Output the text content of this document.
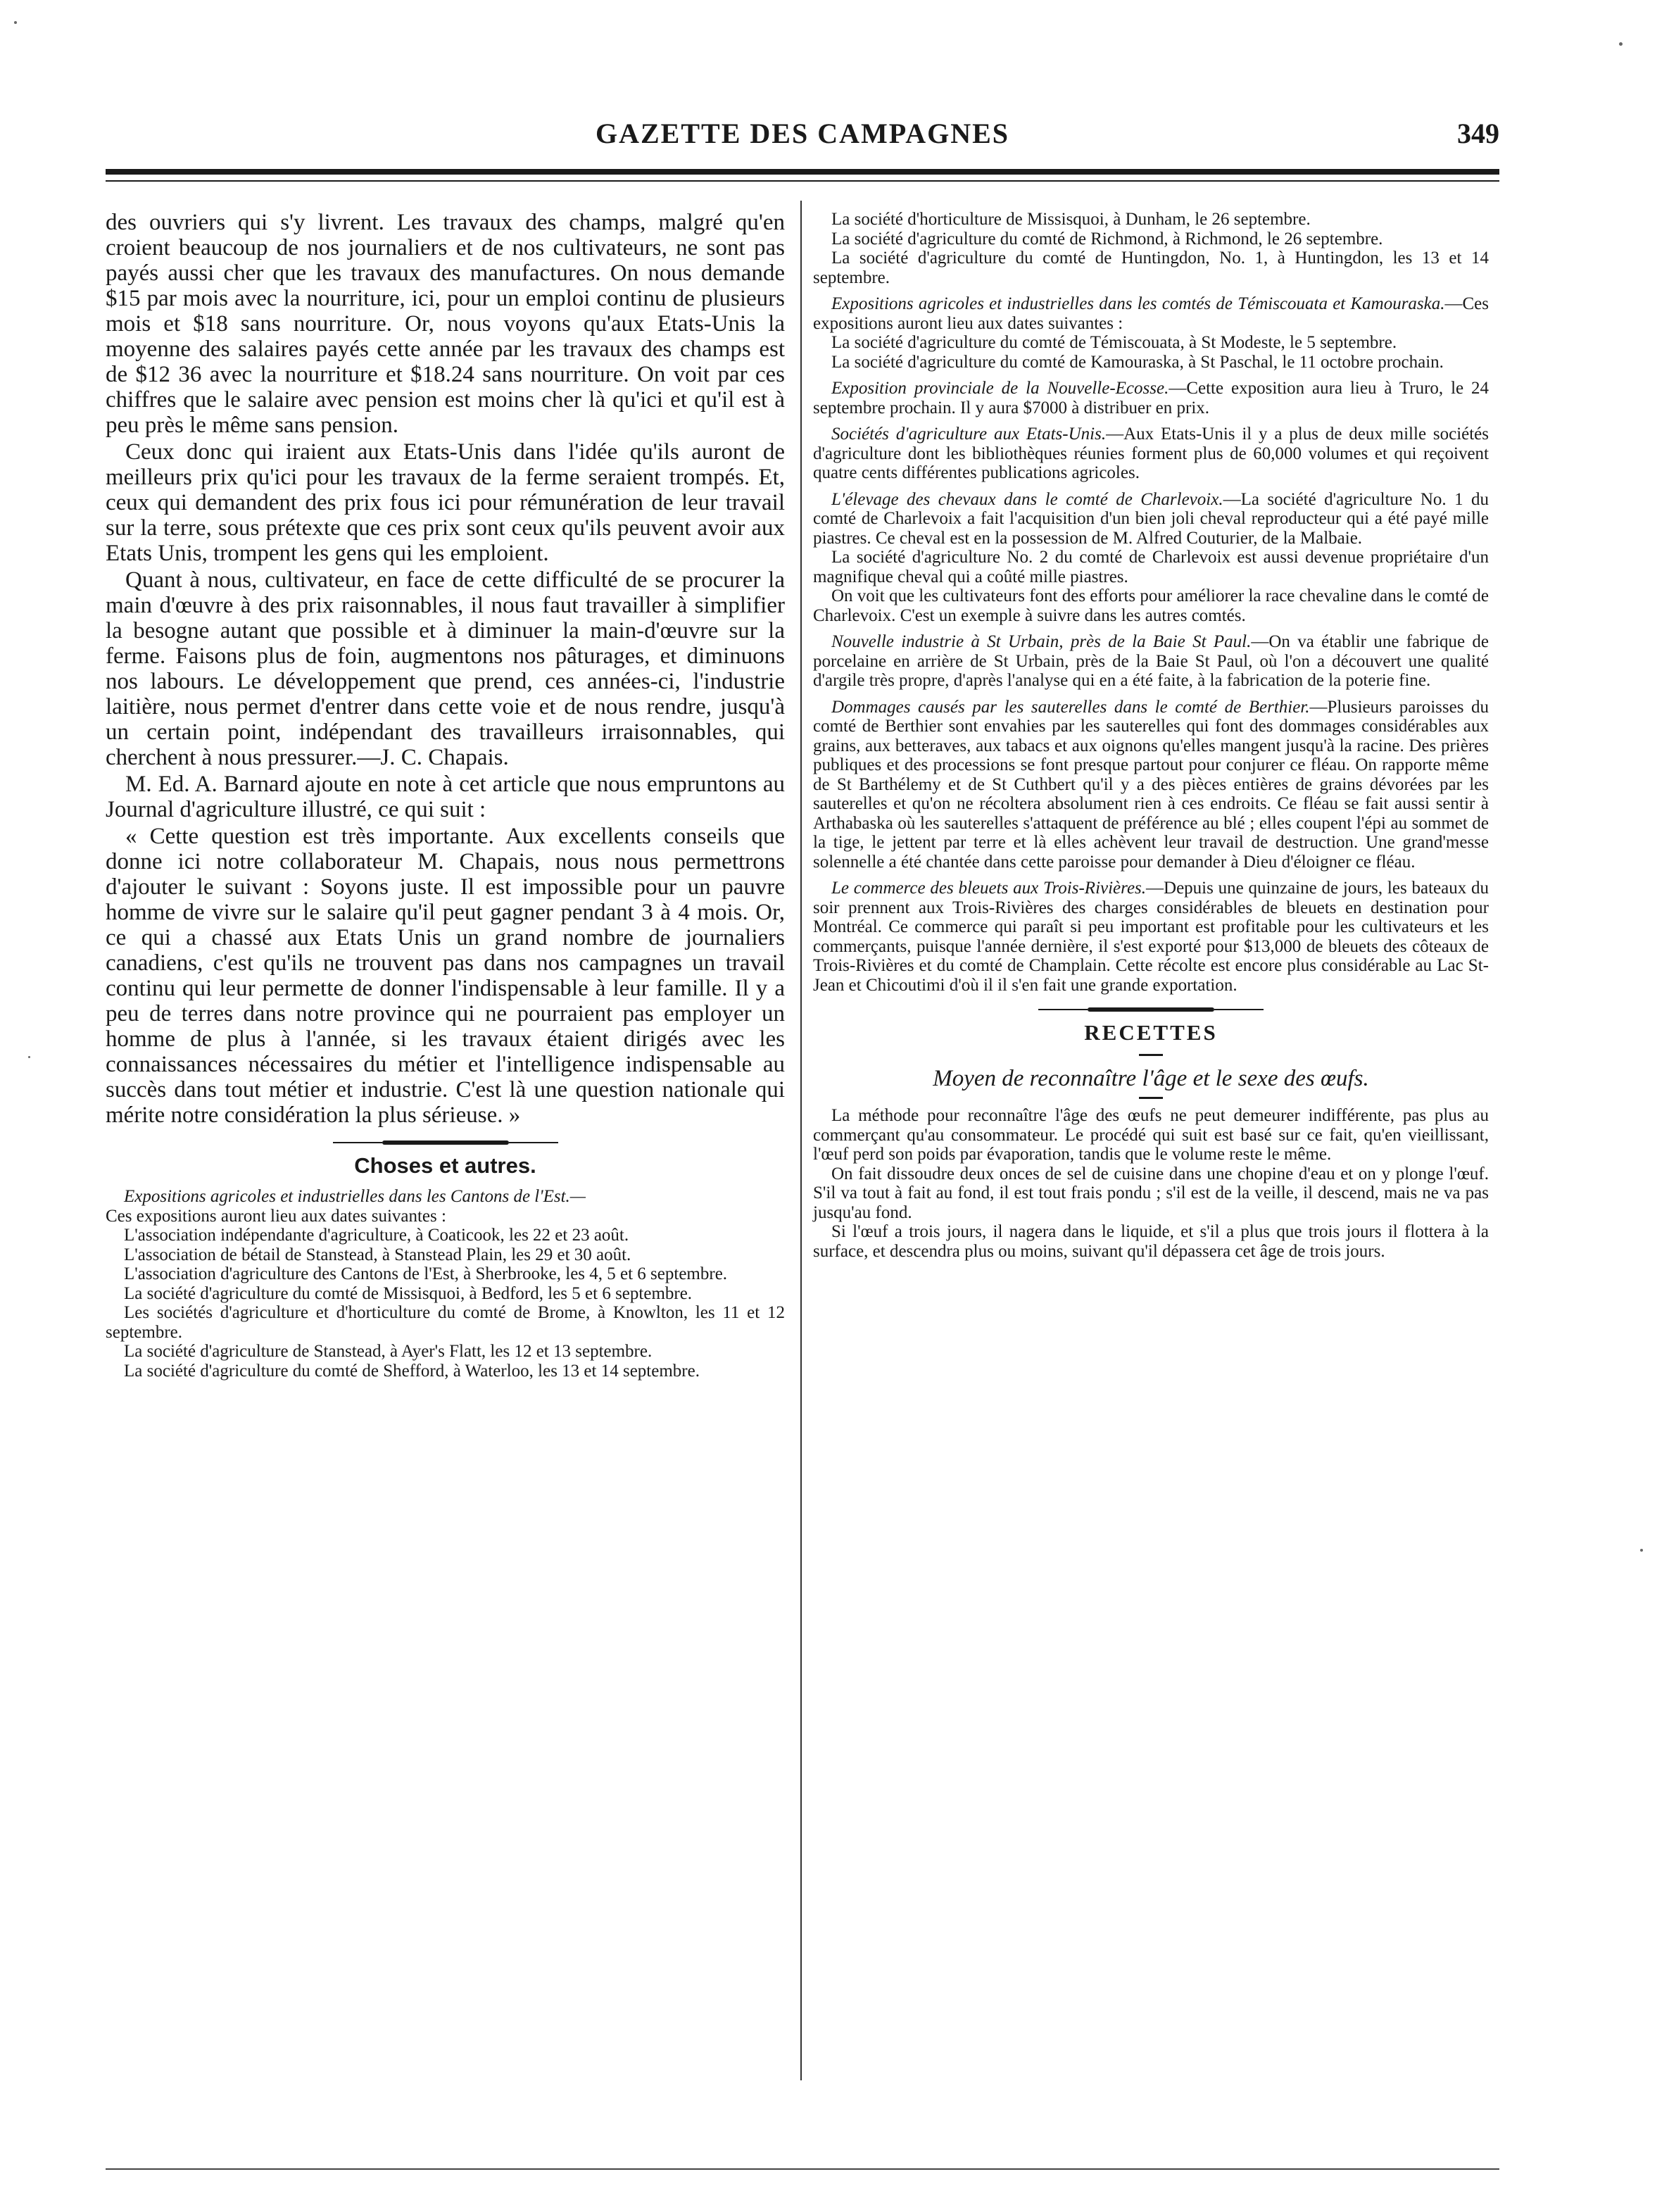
GAZETTE DES CAMPAGNES	349

des ouvriers qui s'y livrent. Les travaux des champs, malgré qu'en croient beaucoup de nos journaliers et de nos cultivateurs, ne sont pas payés aussi cher que les travaux des manufactures. On nous demande $15 par mois avec la nourriture, ici, pour un emploi continu de plusieurs mois et $18 sans nourriture. Or, nous voyons qu'aux Etats-Unis la moyenne des salaires payés cette année par les travaux des champs est de $12 36 avec la nourriture et $18.24 sans nourriture. On voit par ces chiffres que le salaire avec pension est moins cher là qu'ici et qu'il est à peu près le même sans pension.

Ceux donc qui iraient aux Etats-Unis dans l'idée qu'ils auront de meilleurs prix qu'ici pour les travaux de la ferme seraient trompés. Et, ceux qui demandent des prix fous ici pour rémunération de leur travail sur la terre, sous prétexte que ces prix sont ceux qu'ils peuvent avoir aux Etats Unis, trompent les gens qui les emploient.

Quant à nous, cultivateur, en face de cette difficulté de se procurer la main d'œuvre à des prix raisonnables, il nous faut travailler à simplifier la besogne autant que possible et à diminuer la main-d'œuvre sur la ferme. Faisons plus de foin, augmentons nos pâturages, et diminuons nos labours. Le développement que prend, ces années-ci, l'industrie laitière, nous permet d'entrer dans cette voie et de nous rendre, jusqu'à un certain point, indépendant des travailleurs irraisonnables, qui cherchent à nous pressurer.—J. C. Chapais.

M. Ed. A. Barnard ajoute en note à cet article que nous empruntons au Journal d'agriculture illustré, ce qui suit :

« Cette question est très importante. Aux excellents conseils que donne ici notre collaborateur M. Chapais, nous nous permettrons d'ajouter le suivant : Soyons juste. Il est impossible pour un pauvre homme de vivre sur le salaire qu'il peut gagner pendant 3 à 4 mois. Or, ce qui a chassé aux Etats Unis un grand nombre de journaliers canadiens, c'est qu'ils ne trouvent pas dans nos campagnes un travail continu qui leur permette de donner l'indispensable à leur famille. Il y a peu de terres dans notre province qui ne pourraient pas employer un homme de plus à l'année, si les travaux étaient dirigés avec les connaissances nécessaires du métier et l'intelligence indispensable au succès dans tout métier et industrie. C'est là une question nationale qui mérite notre considération la plus sérieuse. »

Choses et autres.

Expositions agricoles et industrielles dans les Cantons de l'Est.—

Ces expositions auront lieu aux dates suivantes :

L'association indépendante d'agriculture, à Coaticook, les 22 et 23 août.

L'association de bétail de Stanstead, à Stanstead Plain, les 29 et 30 août.

L'association d'agriculture des Cantons de l'Est, à Sherbrooke, les 4, 5 et 6 septembre.

La société d'agriculture du comté de Missisquoi, à Bedford, les 5 et 6 septembre.

Les sociétés d'agriculture et d'horticulture du comté de Brome, à Knowlton, les 11 et 12 septembre.

La société d'agriculture de Stanstead, à Ayer's Flatt, les 12 et 13 septembre.

La société d'agriculture du comté de Shefford, à Waterloo, les 13 et 14 septembre.

La société d'horticulture de Missisquoi, à Dunham, le 26 septembre.

La société d'agriculture du comté de Richmond, à Richmond, le 26 septembre.

La société d'agriculture du comté de Huntingdon, No. 1, à Huntingdon, les 13 et 14 septembre.

Expositions agricoles et industrielles dans les comtés de Témiscouata et Kamouraska.—Ces expositions auront lieu aux dates suivantes :

La société d'agriculture du comté de Témiscouata, à St Modeste, le 5 septembre.

La société d'agriculture du comté de Kamouraska, à St Paschal, le 11 octobre prochain.

Exposition provinciale de la Nouvelle-Ecosse.—Cette exposition aura lieu à Truro, le 24 septembre prochain. Il y aura $7000 à distribuer en prix.

Sociétés d'agriculture aux Etats-Unis.—Aux Etats-Unis il y a plus de deux mille sociétés d'agriculture dont les bibliothèques réunies forment plus de 60,000 volumes et qui reçoivent quatre cents différentes publications agricoles.

L'élevage des chevaux dans le comté de Charlevoix.—La société d'agriculture No. 1 du comté de Charlevoix a fait l'acquisition d'un bien joli cheval reproducteur qui a été payé mille piastres. Ce cheval est en la possession de M. Alfred Couturier, de la Malbaie.

La société d'agriculture No. 2 du comté de Charlevoix est aussi devenue propriétaire d'un magnifique cheval qui a coûté mille piastres.

On voit que les cultivateurs font des efforts pour améliorer la race chevaline dans le comté de Charlevoix. C'est un exemple à suivre dans les autres comtés.

Nouvelle industrie à St Urbain, près de la Baie St Paul.—On va établir une fabrique de porcelaine en arrière de St Urbain, près de la Baie St Paul, où l'on a découvert une qualité d'argile très propre, d'après l'analyse qui en a été faite, à la fabrication de la poterie fine.

Dommages causés par les sauterelles dans le comté de Berthier.—Plusieurs paroisses du comté de Berthier sont envahies par les sauterelles qui font des dommages considérables aux grains, aux betteraves, aux tabacs et aux oignons qu'elles mangent jusqu'à la racine. Des prières publiques et des processions se font presque partout pour conjurer ce fléau. On rapporte même de St Barthélemy et de St Cuthbert qu'il y a des pièces entières de grains dévorées par les sauterelles et qu'on ne récoltera absolument rien à ces endroits. Ce fléau se fait aussi sentir à Arthabaska où les sauterelles s'attaquent de préférence au blé ; elles coupent l'épi au sommet de la tige, le jettent par terre et là elles achèvent leur travail de destruction. Une grand'messe solennelle a été chantée dans cette paroisse pour demander à Dieu d'éloigner ce fléau.

Le commerce des bleuets aux Trois-Rivières.—Depuis une quinzaine de jours, les bateaux du soir prennent aux Trois-Rivières des charges considérables de bleuets en destination pour Montréal. Ce commerce qui paraît si peu important est profitable pour les cultivateurs et les commerçants, puisque l'année dernière, il s'est exporté pour $13,000 de bleuets des côteaux de Trois-Rivières et du comté de Champlain. Cette récolte est encore plus considérable au Lac St-Jean et Chicoutimi d'où il il s'en fait une grande exportation.

RECETTES
Moyen de reconnaître l'âge et le sexe des œufs.

La méthode pour reconnaître l'âge des œufs ne peut demeurer indifférente, pas plus au commerçant qu'au consommateur. Le procédé qui suit est basé sur ce fait, qu'en vieillissant, l'œuf perd son poids par évaporation, tandis que le volume reste le même.

On fait dissoudre deux onces de sel de cuisine dans une chopine d'eau et on y plonge l'œuf. S'il va tout à fait au fond, il est tout frais pondu ; s'il est de la veille, il descend, mais ne va pas jusqu'au fond.

Si l'œuf a trois jours, il nagera dans le liquide, et s'il a plus que trois jours il flottera à la surface, et descendra plus ou moins, suivant qu'il dépassera cet âge de trois jours.
